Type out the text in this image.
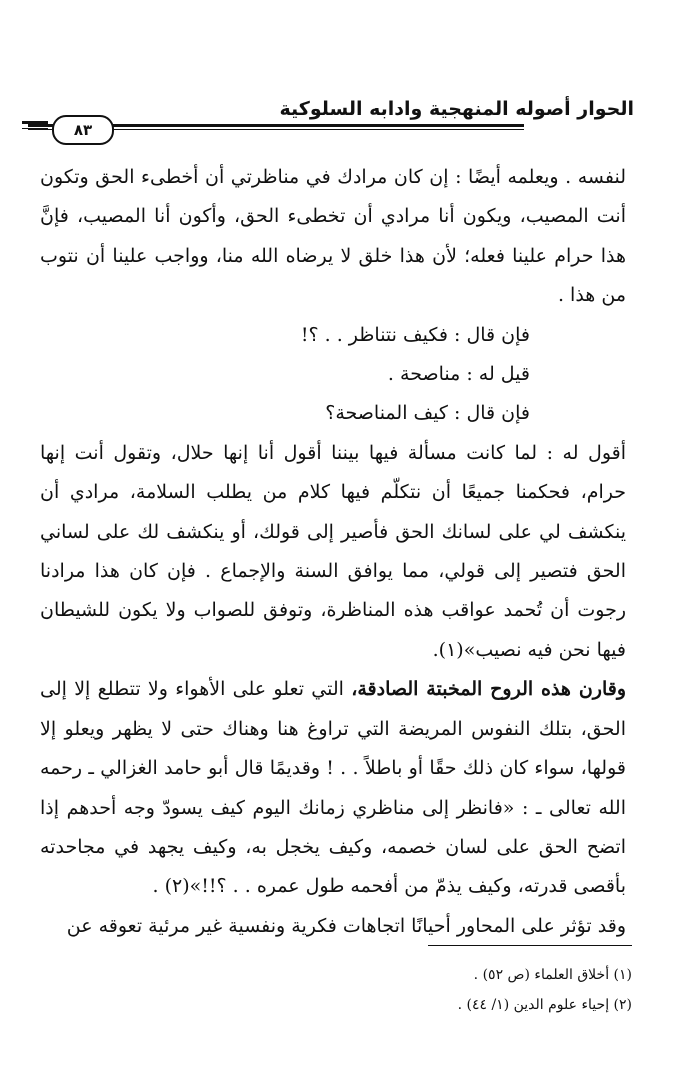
الحوار أصوله المنهجية وادابه السلوكية
٨٣

لنفسه . ويعلمه أيضًا : إن كان مرادك في مناظرتي أن أخطىء الحق وتكون أنت المصيب، ويكون أنا مرادي أن تخطىء الحق، وأكون أنا المصيب، فإنَّ هذا حرام علينا فعله؛ لأن هذا خلق لا يرضاه الله منا، وواجب علينا أن نتوب من هذا .

فإن قال : فكيف نتناظر . . ؟!

قيل له : مناصحة .

فإن قال : كيف المناصحة؟

أقول له : لما كانت مسألة فيها بيننا أقول أنا إنها حلال، وتقول أنت إنها حرام، فحكمنا جميعًا أن نتكلّم فيها كلام من يطلب السلامة، مرادي أن ينكشف لي على لسانك الحق فأصير إلى قولك، أو ينكشف لك على لساني الحق فتصير إلى قولي، مما يوافق السنة والإجماع . فإن كان هذا مرادنا رجوت أن تُحمد عواقب هذه المناظرة، وتوفق للصواب ولا يكون للشيطان فيها نحن فيه نصيب»(١).

وقارن هذه الروح المخبتة الصادقة، التي تعلو على الأهواء ولا تتطلع إلا إلى الحق، بتلك النفوس المريضة التي تراوغ هنا وهناك حتى لا يظهر ويعلو إلا قولها، سواء كان ذلك حقًا أو باطلاً . . ! وقديمًا قال أبو حامد الغزالي ـ رحمه الله تعالى ـ : «فانظر إلى مناظري زمانك اليوم كيف يسودّ وجه أحدهم إذا اتضح الحق على لسان خصمه، وكيف يخجل به، وكيف يجهد في مجاحدته بأقصى قدرته، وكيف يذمّ من أفحمه طول عمره . . ؟!!»(٢) .

وقد تؤثر على المحاور أحيانًا اتجاهات فكرية ونفسية غير مرئية تعوقه عن

(١) أخلاق العلماء (ص ٥٢) .

(٢) إحياء علوم الدين (١/ ٤٤) .
